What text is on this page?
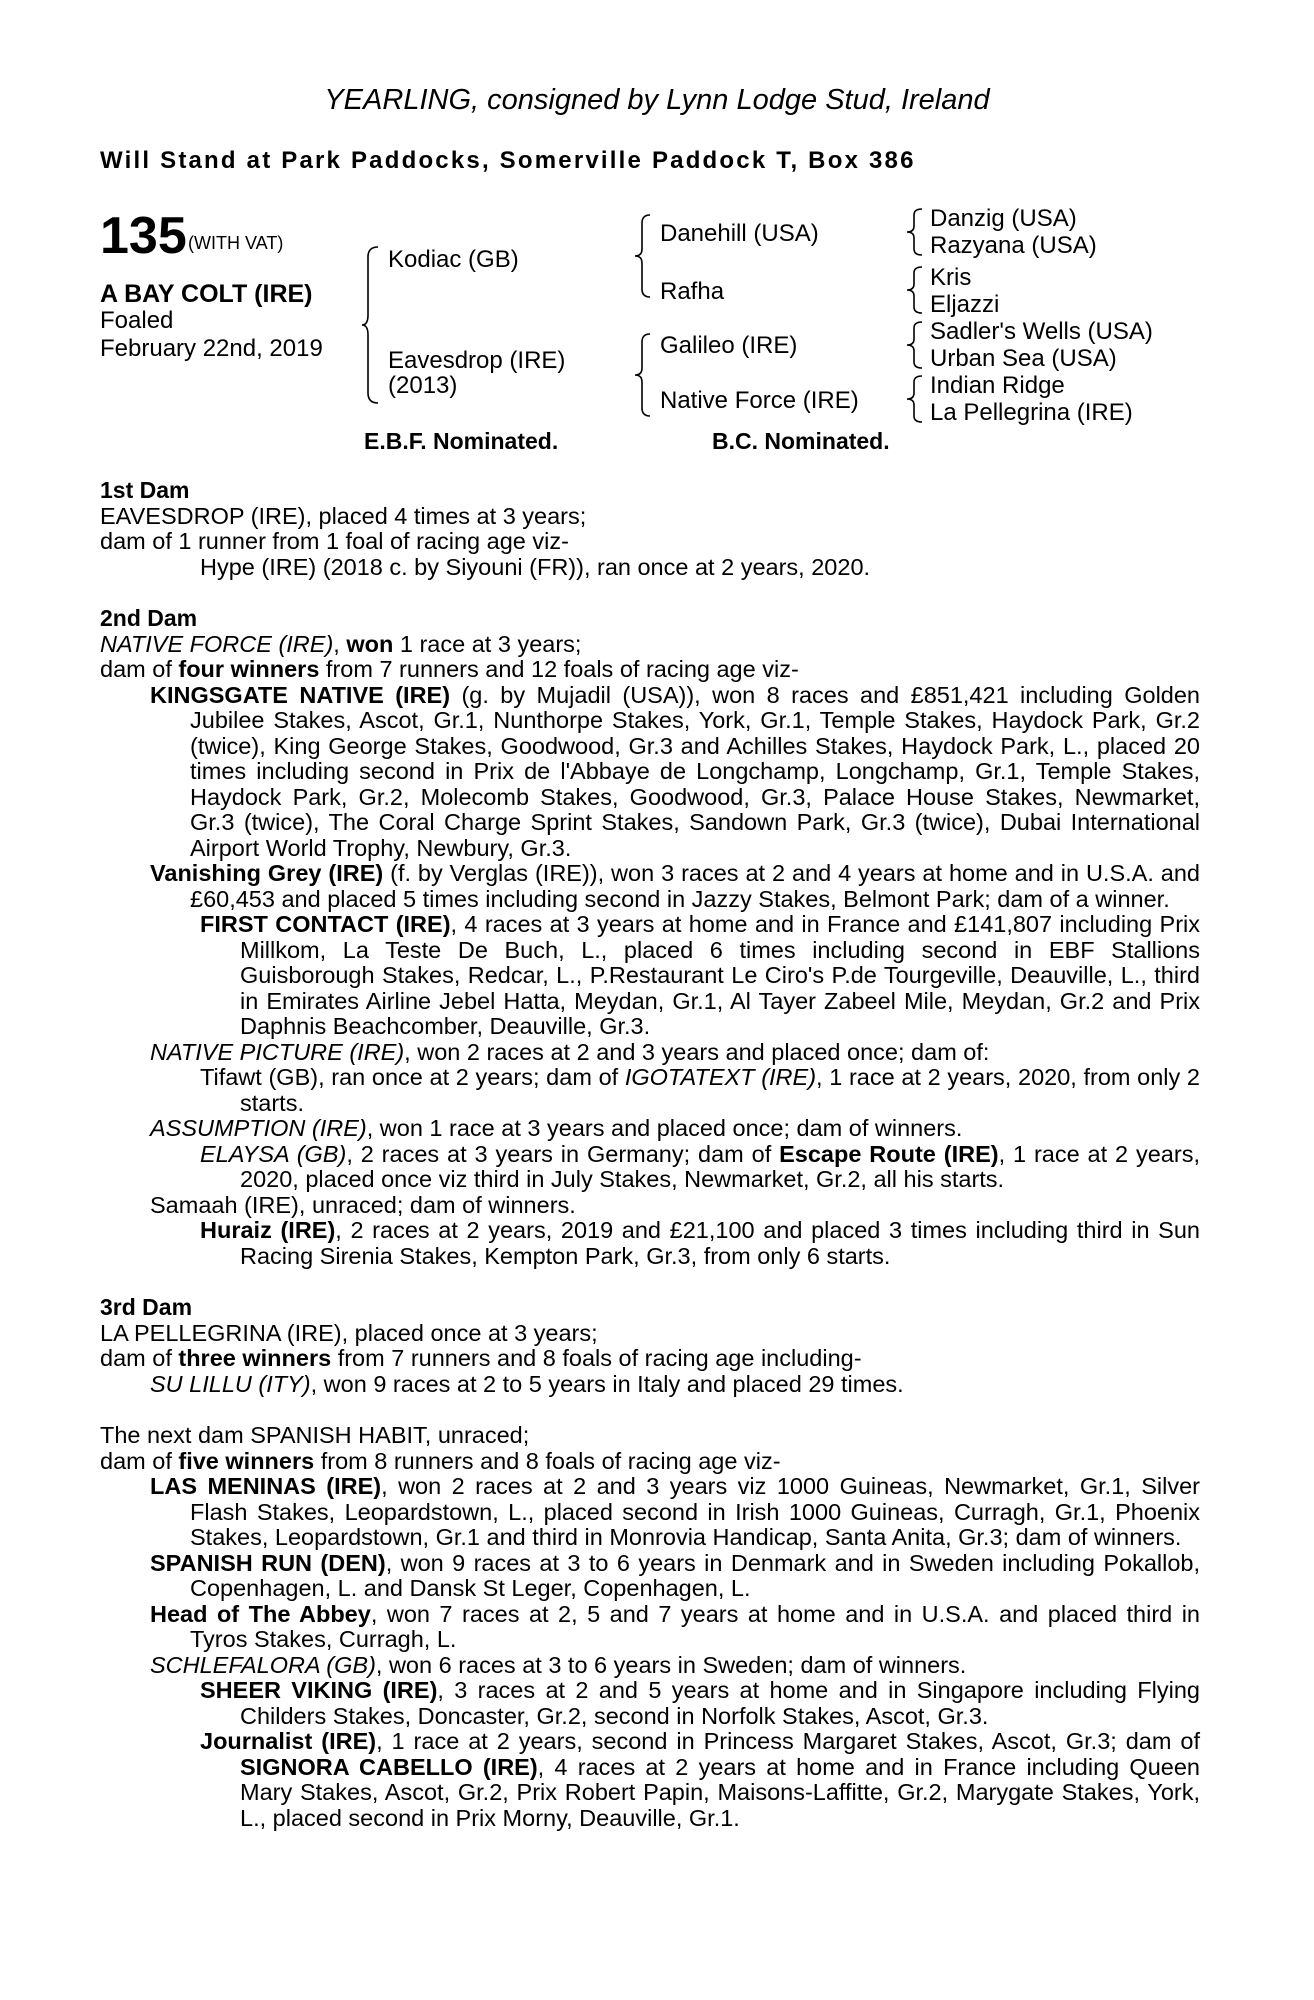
YEARLING, consigned by Lynn Lodge Stud, Ireland
Will Stand at Park Paddocks, Somerville Paddock T, Box 386
135 (WITH VAT)
A BAY COLT (IRE)
Foaled
February 22nd, 2019
Kodiac (GB)
Eavesdrop (IRE)
(2013)
Danehill (USA)
Rafha
Galileo (IRE)
Native Force (IRE)
Danzig (USA)
Razyana (USA)
Kris
Eljazzi
Sadler's Wells (USA)
Urban Sea (USA)
Indian Ridge
La Pellegrina (IRE)
E.B.F. Nominated.	B.C. Nominated.

1st Dam

EAVESDROP (IRE), placed 4 times at 3 years;

dam of 1 runner from 1 foal of racing age viz-

Hype (IRE) (2018 c. by Siyouni (FR)), ran once at 2 years, 2020.

2nd Dam

NATIVE FORCE (IRE), won 1 race at 3 years;

dam of four winners from 7 runners and 12 foals of racing age viz-

KINGSGATE NATIVE (IRE) (g. by Mujadil (USA)), won 8 races and £851,421 including Golden Jubilee Stakes, Ascot, Gr.1, Nunthorpe Stakes, York, Gr.1, Temple Stakes, Haydock Park, Gr.2 (twice), King George Stakes, Goodwood, Gr.3 and Achilles Stakes, Haydock Park, L., placed 20 times including second in Prix de l'Abbaye de Longchamp, Longchamp, Gr.1, Temple Stakes, Haydock Park, Gr.2, Molecomb Stakes, Goodwood, Gr.3, Palace House Stakes, Newmarket, Gr.3 (twice), The Coral Charge Sprint Stakes, Sandown Park, Gr.3 (twice), Dubai International Airport World Trophy, Newbury, Gr.3.

Vanishing Grey (IRE) (f. by Verglas (IRE)), won 3 races at 2 and 4 years at home and in U.S.A. and £60,453 and placed 5 times including second in Jazzy Stakes, Belmont Park; dam of a winner.

FIRST CONTACT (IRE), 4 races at 3 years at home and in France and £141,807 including Prix Millkom, La Teste De Buch, L., placed 6 times including second in EBF Stallions Guisborough Stakes, Redcar, L., P.Restaurant Le Ciro's P.de Tourgeville, Deauville, L., third in Emirates Airline Jebel Hatta, Meydan, Gr.1, Al Tayer Zabeel Mile, Meydan, Gr.2 and Prix Daphnis Beachcomber, Deauville, Gr.3.

NATIVE PICTURE (IRE), won 2 races at 2 and 3 years and placed once; dam of:

Tifawt (GB), ran once at 2 years; dam of IGOTATEXT (IRE), 1 race at 2 years, 2020, from only 2 starts.

ASSUMPTION (IRE), won 1 race at 3 years and placed once; dam of winners.

ELAYSA (GB), 2 races at 3 years in Germany; dam of Escape Route (IRE), 1 race at 2 years, 2020, placed once viz third in July Stakes, Newmarket, Gr.2, all his starts.

Samaah (IRE), unraced; dam of winners.

Huraiz (IRE), 2 races at 2 years, 2019 and £21,100 and placed 3 times including third in Sun Racing Sirenia Stakes, Kempton Park, Gr.3, from only 6 starts.

3rd Dam

LA PELLEGRINA (IRE), placed once at 3 years;

dam of three winners from 7 runners and 8 foals of racing age including-

SU LILLU (ITY), won 9 races at 2 to 5 years in Italy and placed 29 times.

The next dam SPANISH HABIT, unraced;

dam of five winners from 8 runners and 8 foals of racing age viz-

LAS MENINAS (IRE), won 2 races at 2 and 3 years viz 1000 Guineas, Newmarket, Gr.1, Silver Flash Stakes, Leopardstown, L., placed second in Irish 1000 Guineas, Curragh, Gr.1, Phoenix Stakes, Leopardstown, Gr.1 and third in Monrovia Handicap, Santa Anita, Gr.3; dam of winners.

SPANISH RUN (DEN), won 9 races at 3 to 6 years in Denmark and in Sweden including Pokallob, Copenhagen, L. and Dansk St Leger, Copenhagen, L.

Head of The Abbey, won 7 races at 2, 5 and 7 years at home and in U.S.A. and placed third in Tyros Stakes, Curragh, L.

SCHLEFALORA (GB), won 6 races at 3 to 6 years in Sweden; dam of winners.

SHEER VIKING (IRE), 3 races at 2 and 5 years at home and in Singapore including Flying Childers Stakes, Doncaster, Gr.2, second in Norfolk Stakes, Ascot, Gr.3.

Journalist (IRE), 1 race at 2 years, second in Princess Margaret Stakes, Ascot, Gr.3; dam of SIGNORA CABELLO (IRE), 4 races at 2 years at home and in France including Queen Mary Stakes, Ascot, Gr.2, Prix Robert Papin, Maisons-Laffitte, Gr.2, Marygate Stakes, York, L., placed second in Prix Morny, Deauville, Gr.1.
